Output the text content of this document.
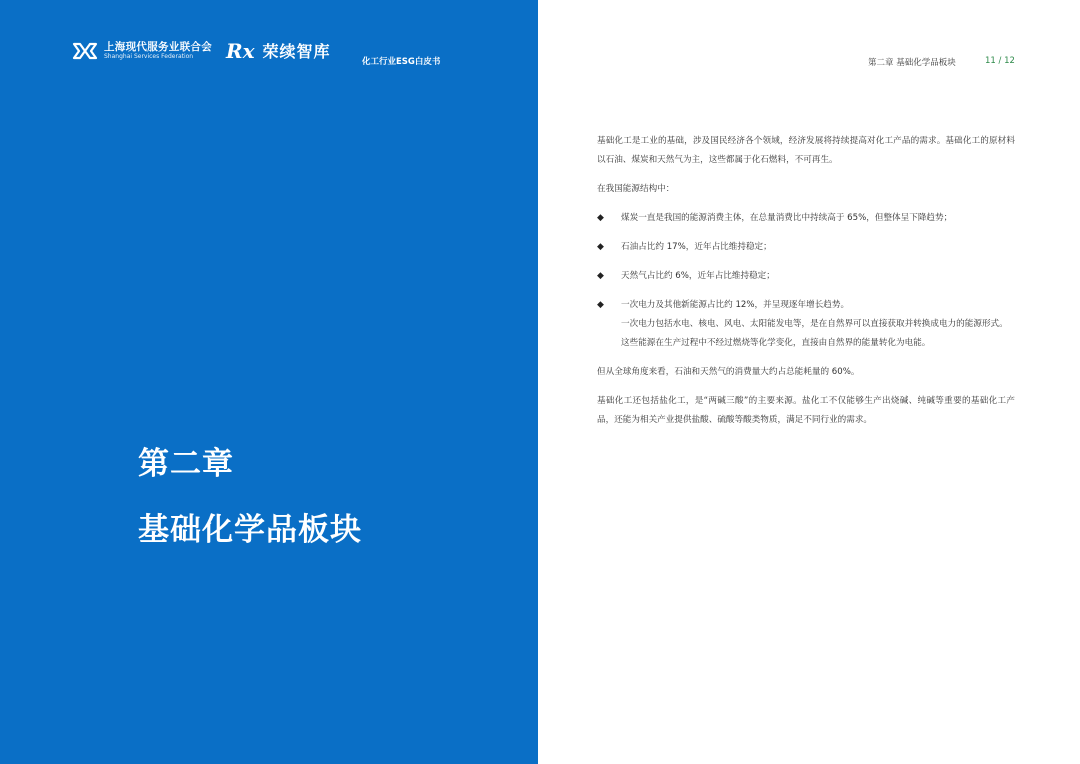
上海现代服务业联合会
Shanghai Services Federation	Rx 荣续智库
化工行业ESG白皮书
第二章
基础化学品板块
第二章 基础化学品板块	11 / 12

基础化工是工业的基础，涉及国民经济各个领域，经济发展将持续提高对化工产品的需求。基础化工的原材料以石油、煤炭和天然气为主，这些都属于化石燃料，不可再生。

在我国能源结构中：

◆ 煤炭一直是我国的能源消费主体，在总量消费比中持续高于 65%，但整体呈下降趋势；
◆ 石油占比约 17%，近年占比维持稳定；
◆ 天然气占比约 6%，近年占比维持稳定；
◆ 一次电力及其他新能源占比约 12%，并呈现逐年增长趋势。
一次电力包括水电、核电、风电、太阳能发电等，是在自然界可以直接获取并转换成电力的能源形式。这些能源在生产过程中不经过燃烧等化学变化，直接由自然界的能量转化为电能。

但从全球角度来看，石油和天然气的消费量大约占总能耗量的 60%。

基础化工还包括盐化工，是“两碱三酸”的主要来源。盐化工不仅能够生产出烧碱、纯碱等重要的基础化工产品，还能为相关产业提供盐酸、硫酸等酸类物质，满足不同行业的需求。
